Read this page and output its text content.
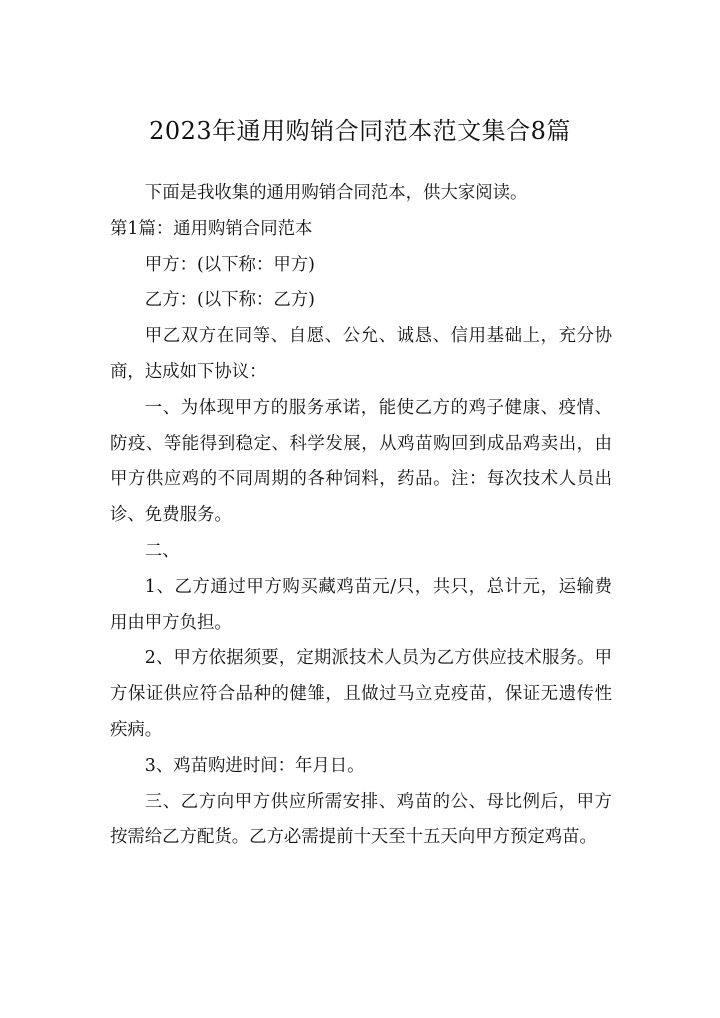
2023年通用购销合同范本范文集合8篇

下面是我收集的通用购销合同范本，供大家阅读。

第1篇：通用购销合同范本

甲方：(以下称：甲方)

乙方：(以下称：乙方)

甲乙双方在同等、自愿、公允、诚恳、信用基础上，充分协商，达成如下协议：

一、为体现甲方的服务承诺，能使乙方的鸡子健康、疫情、防疫、等能得到稳定、科学发展，从鸡苗购回到成品鸡卖出，由甲方供应鸡的不同周期的各种饲料，药品。注：每次技术人员出诊、免费服务。

二、

1、乙方通过甲方购买藏鸡苗元/只，共只，总计元，运输费用由甲方负担。

2、甲方依据须要，定期派技术人员为乙方供应技术服务。甲方保证供应符合品种的健雏，且做过马立克疫苗，保证无遗传性疾病。

3、鸡苗购进时间：年月日。

三、乙方向甲方供应所需安排、鸡苗的公、母比例后，甲方按需给乙方配货。乙方必需提前十天至十五天向甲方预定鸡苗。
